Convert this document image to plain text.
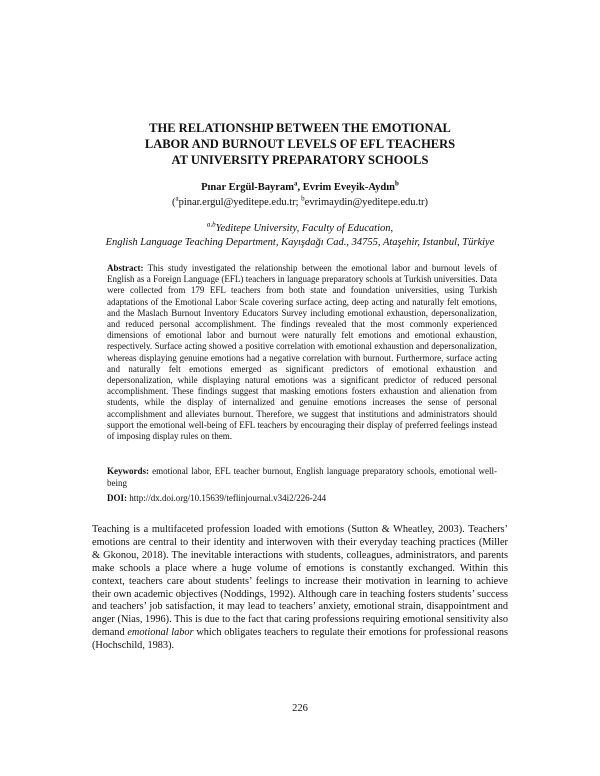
THE RELATIONSHIP BETWEEN THE EMOTIONAL
LABOR AND BURNOUT LEVELS OF EFL TEACHERS
AT UNIVERSITY PREPARATORY SCHOOLS
Pınar Ergül-Bayram$^a$, Evrim Eveyik-Aydın$^b$
($^a$pinar.ergul@yeditepe.edu.tr; $^b$evrimaydin@yeditepe.edu.tr)
$^{a,b}$Yeditepe University, Faculty of Education,
English Language Teaching Department, Kayışdağı Cad., 34755, Ataşehir, Istanbul, Türkiye
Abstract: This study investigated the relationship between the emotional labor and burnout levels of English as a Foreign Language (EFL) teachers in language preparatory schools at Turkish universities. Data were collected from 179 EFL teachers from both state and foundation universities, using Turkish adaptations of the Emotional Labor Scale covering surface acting, deep acting and naturally felt emotions, and the Maslach Burnout Inventory Educators Survey including emotional exhaustion, depersonalization, and reduced personal accomplishment. The findings revealed that the most commonly experienced dimensions of emotional labor and burnout were naturally felt emotions and emotional exhaustion, respectively. Surface acting showed a positive correlation with emotional exhaustion and depersonalization, whereas displaying genuine emotions had a negative correlation with burnout. Furthermore, surface acting and naturally felt emotions emerged as significant predictors of emotional exhaustion and depersonalization, while displaying natural emotions was a significant predictor of reduced personal accomplishment. These findings suggest that masking emotions fosters exhaustion and alienation from students, while the display of internalized and genuine emotions increases the sense of personal accomplishment and alleviates burnout. Therefore, we suggest that institutions and administrators should support the emotional well-being of EFL teachers by encouraging their display of preferred feelings instead of imposing display rules on them.
Keywords: emotional labor, EFL teacher burnout, English language preparatory schools, emotional well-being
DOI: http://dx.doi.org/10.15639/teflinjournal.v34i2/226-244
Teaching is a multifaceted profession loaded with emotions (Sutton & Wheatley, 2003). Teachers’ emotions are central to their identity and interwoven with their everyday teaching practices (Miller & Gkonou, 2018). The inevitable interactions with students, colleagues, administrators, and parents make schools a place where a huge volume of emotions is constantly exchanged. Within this context, teachers care about students’ feelings to increase their motivation in learning to achieve their own academic objectives (Noddings, 1992). Although care in teaching fosters students’ success and teachers’ job satisfaction, it may lead to teachers’ anxiety, emotional strain, disappointment and anger (Nias, 1996). This is due to the fact that caring professions requiring emotional sensitivity also demand emotional labor which obligates teachers to regulate their emotions for professional reasons (Hochschild, 1983).
226
